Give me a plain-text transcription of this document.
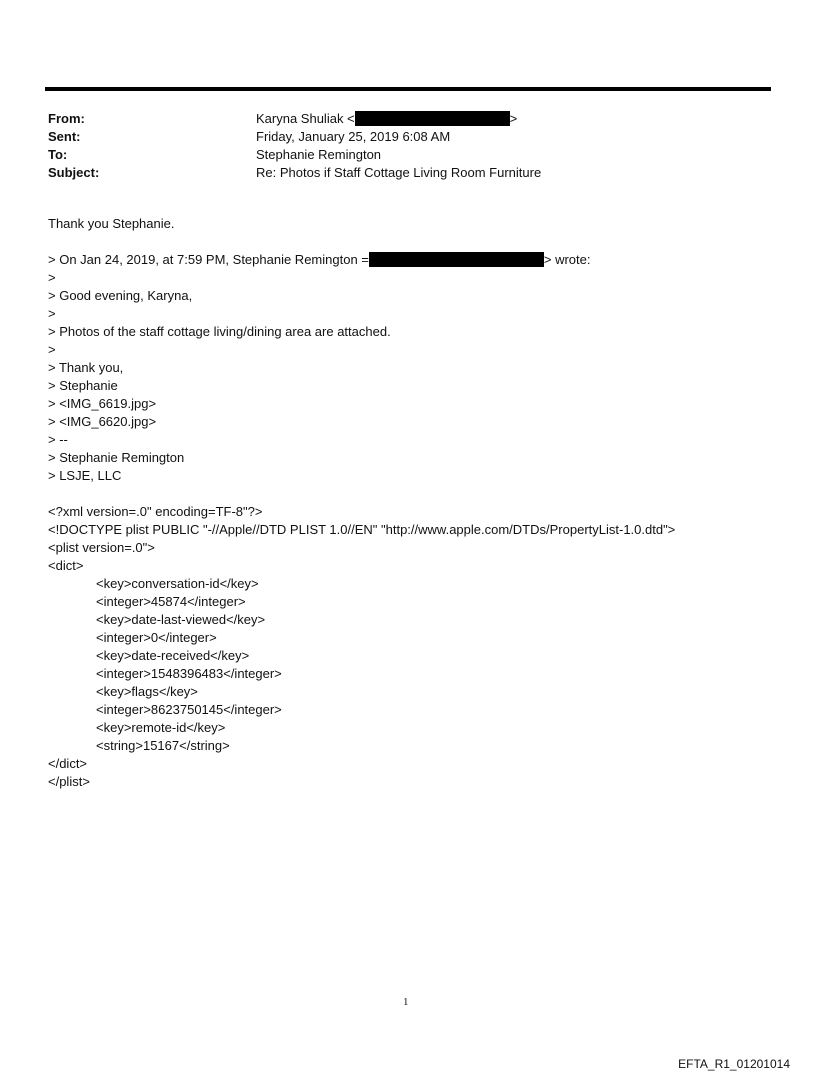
From:	Karyna Shuliak <	>
Sent:	Friday, January 25, 2019 6:08 AM
To:	Stephanie Remington
Subject:	Re: Photos if Staff Cottage Living Room Furniture
Thank you Stephanie.
> On Jan 24, 2019, at 7:59 PM, Stephanie Remington =	> wrote:
>
> Good evening, Karyna,
>
> Photos of the staff cottage living/dining area are attached.
>
> Thank you,
> Stephanie
> <IMG_6619.jpg>
> <IMG_6620.jpg>
> --
> Stephanie Remington
> LSJE, LLC
<?xml version=.0" encoding=TF-8"?>
<!DOCTYPE plist PUBLIC "-//Apple//DTD PLIST 1.0//EN" "http://www.apple.com/DTDs/PropertyList-1.0.dtd">
<plist version=.0">
<dict>
<key>conversation-id</key>
<integer>45874</integer>
<key>date-last-viewed</key>
<integer>0</integer>
<key>date-received</key>
<integer>1548396483</integer>
<key>flags</key>
<integer>8623750145</integer>
<key>remote-id</key>
<string>15167</string>
</dict>
</plist>
1
EFTA_R1_01201014
